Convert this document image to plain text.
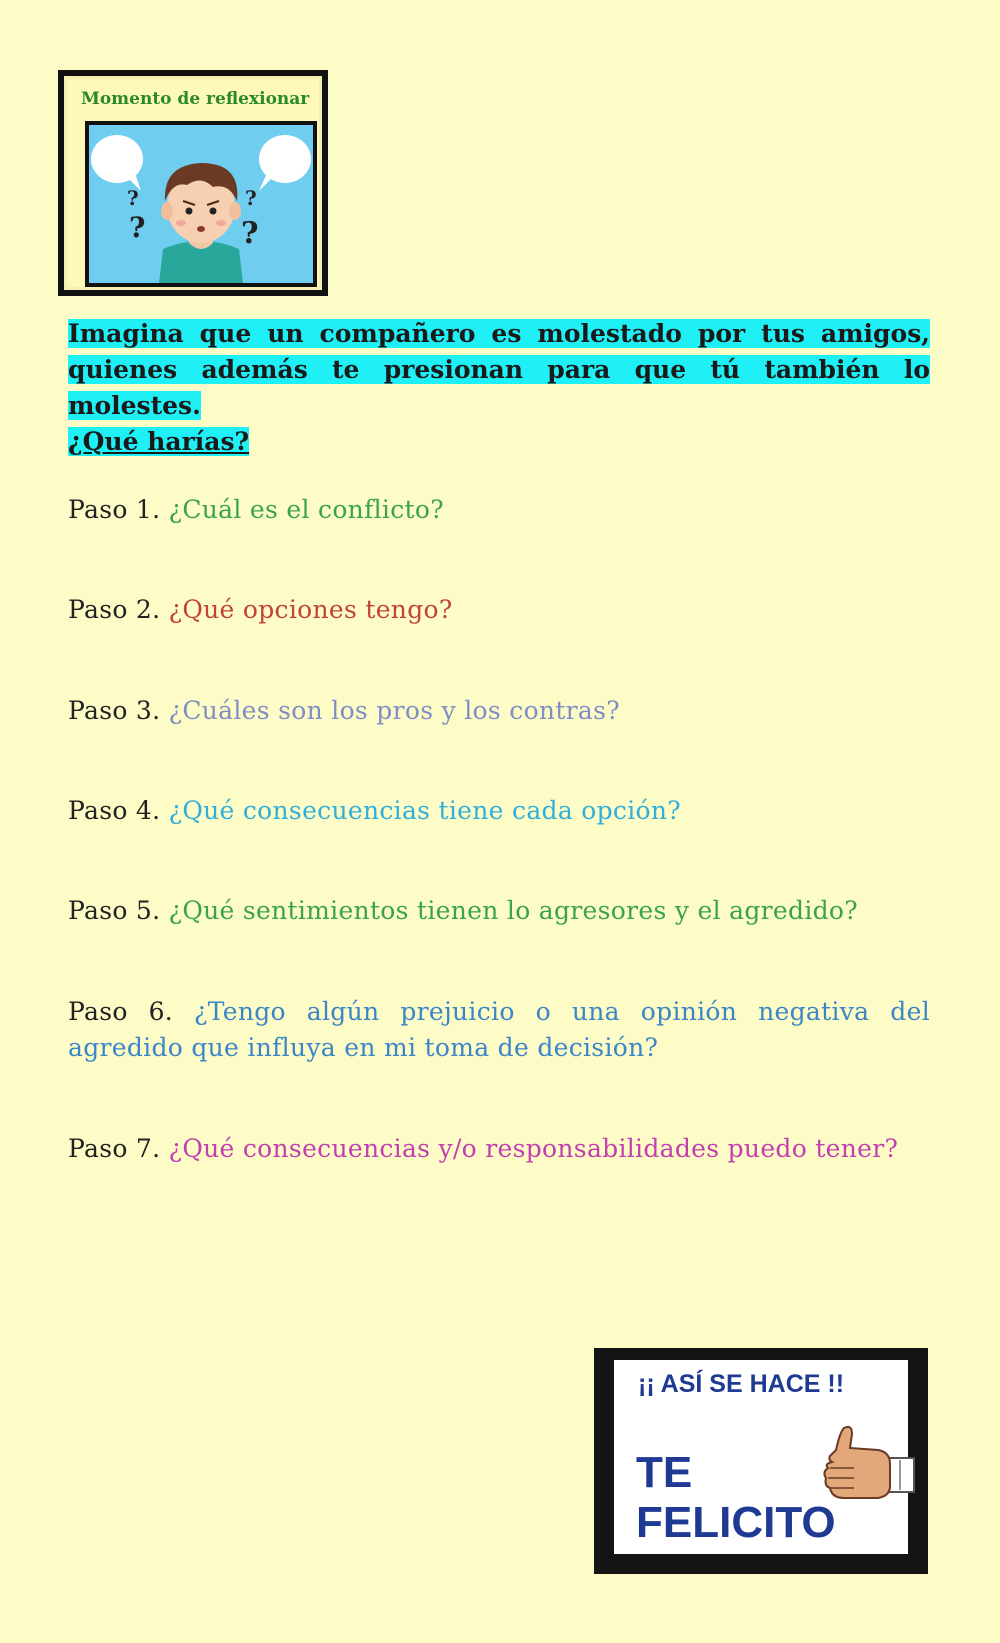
Momento de reflexionar
?
?
?
?
Imagina que un compañero es molestado por tus amigos, quienes además te presionan para que tú también lo molestes.
¿Qué harías?
Paso 1. ¿Cuál es el conflicto?
Paso 2. ¿Qué opciones tengo?
Paso 3. ¿Cuáles son los pros y los contras?
Paso 4. ¿Qué consecuencias tiene cada opción?
Paso 5. ¿Qué sentimientos tienen lo agresores y el agredido?
Paso 6. ¿Tengo algún prejuicio o una opinión negativa del agredido que influya en mi toma de decisión?
Paso 7. ¿Qué consecuencias y/o responsabilidades puedo tener?
¡¡ ASÍ SE HACE !!
TE
FELICITO
